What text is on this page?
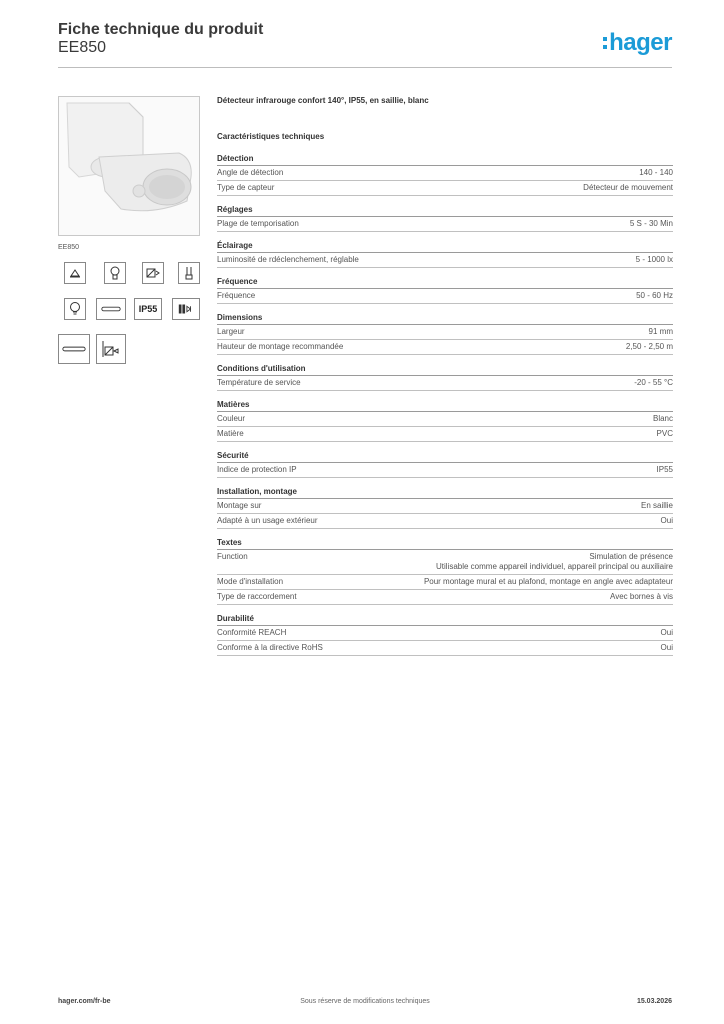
Fiche technique du produit
EE850	hager
EE850
IP55
Détecteur infrarouge confort 140°, IP55, en saillie, blanc
Caractéristiques techniques
Détection
Angle de détection	140 - 140
Type de capteur	Détecteur de mouvement
Réglages
Plage de temporisation	5 S - 30 Min
Éclairage
Luminosité de rdéclenchement, réglable	5 - 1000 lx
Fréquence
Fréquence	50 - 60 Hz
Dimensions
Largeur	91 mm
Hauteur de montage recommandée	2,50 - 2,50 m
Conditions d'utilisation
Température de service	-20 - 55 °C
Matières
Couleur	Blanc
Matière	PVC
Sécurité
Indice de protection IP	IP55
Installation, montage
Montage sur	En saillie
Adapté à un usage extérieur	Oui
Textes
Function	Simulation de présence
Utilisable comme appareil individuel, appareil principal ou auxiliaire
Mode d'installation	Pour montage mural et au plafond, montage en angle avec adaptateur
Type de raccordement	Avec bornes à vis
Durabilité
Conformité REACH	Oui
Conforme à la directive RoHS	Oui
hager.com/fr-be	Sous réserve de modifications techniques	15.03.2026
